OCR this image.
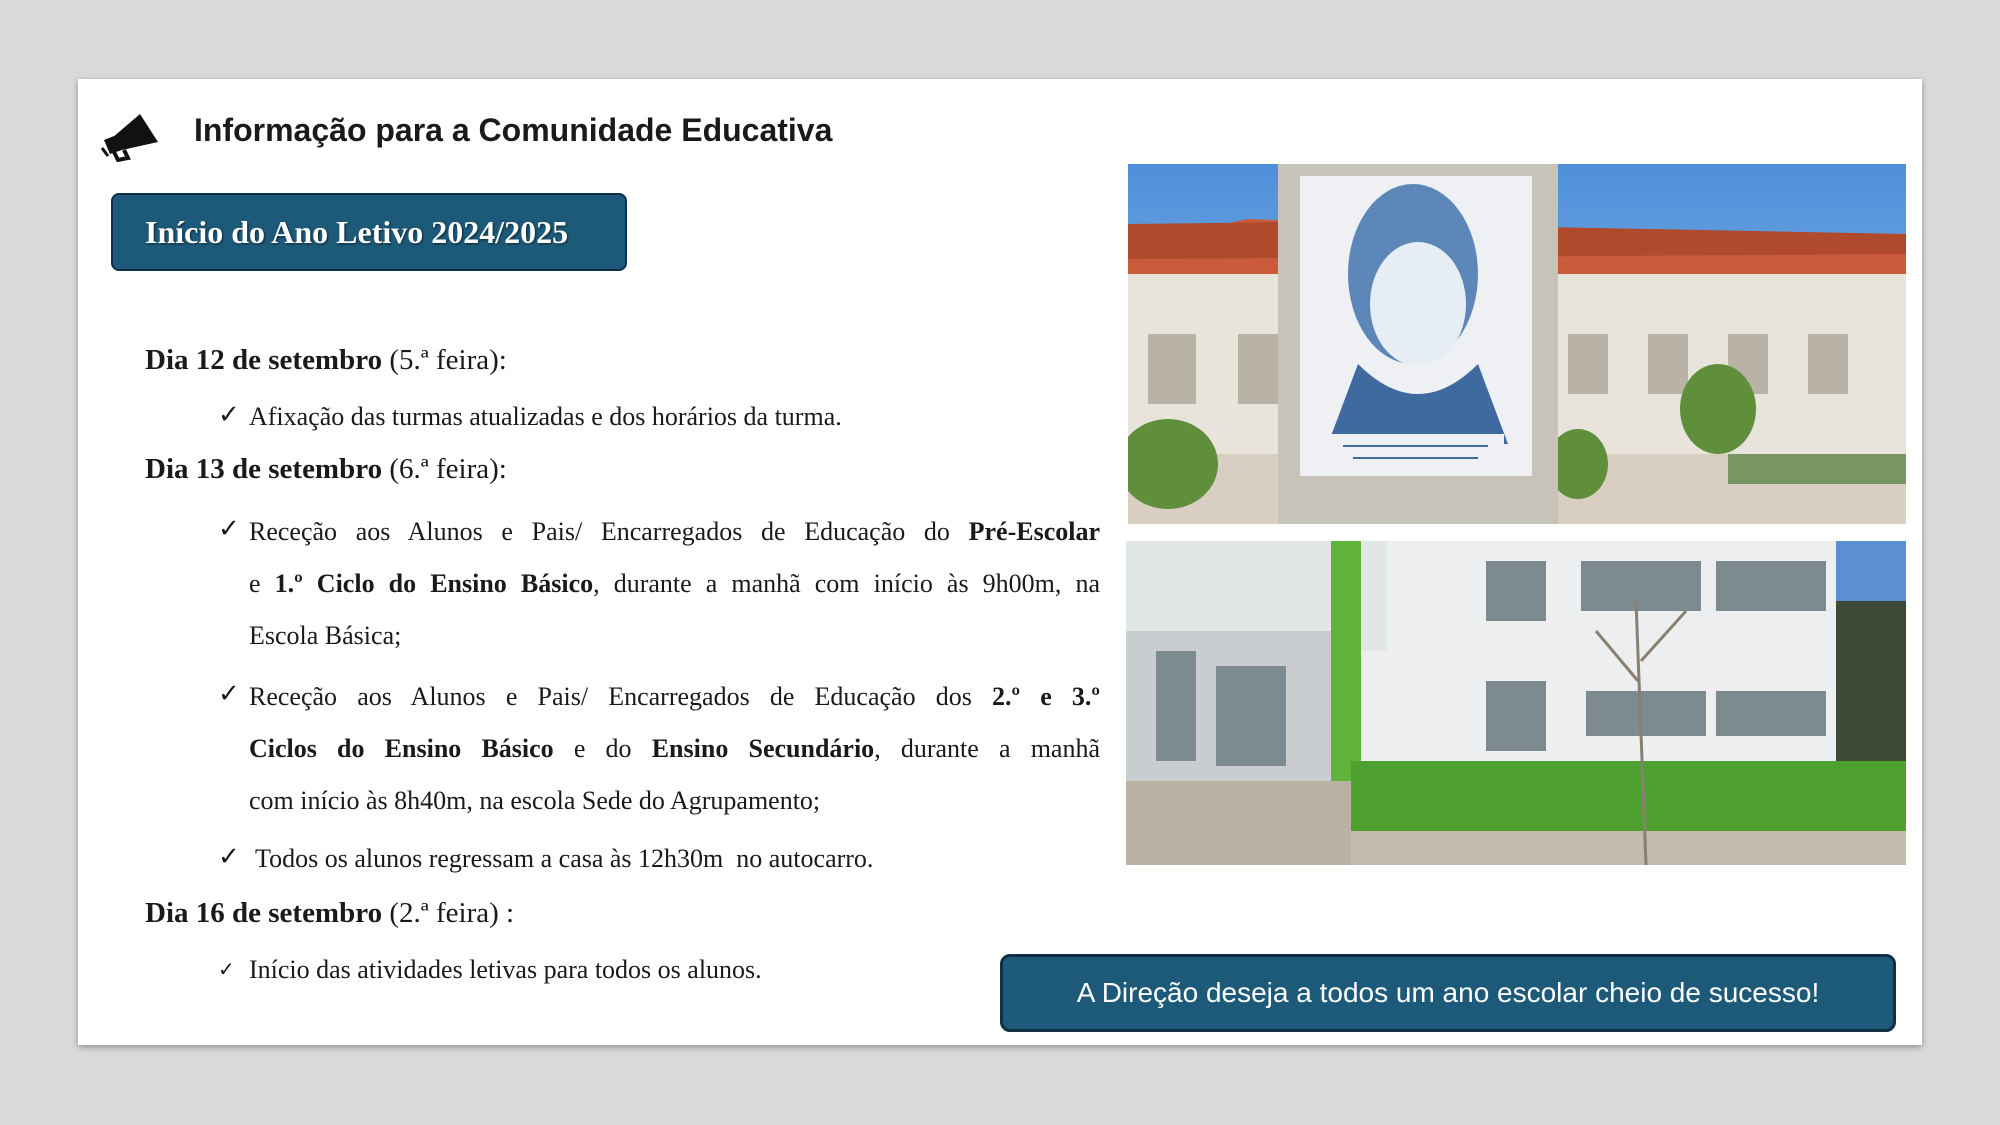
Informação para a Comunidade Educativa
Início do Ano Letivo 2024/2025
Dia 12 de setembro (5.ª feira):
✓ Afixação das turmas atualizadas e dos horários da turma.
Dia 13 de setembro (6.ª feira):
✓ Receção aos Alunos e Pais/ Encarregados de Educação do Pré-Escolar
e 1.º Ciclo do Ensino Básico, durante a manhã com início às 9h00m, na
Escola Básica;
✓ Receção aos Alunos e Pais/ Encarregados de Educação dos 2.º e 3.º
Ciclos do Ensino Básico e do Ensino Secundário, durante a manhã
com início às 8h40m, na escola Sede do Agrupamento;
✓ Todos os alunos regressam a casa às 12h30m  no autocarro.
Dia 16 de setembro (2.ª feira) :
✓ Início das atividades letivas para todos os alunos.
A Direção deseja a todos um ano escolar cheio de sucesso!
